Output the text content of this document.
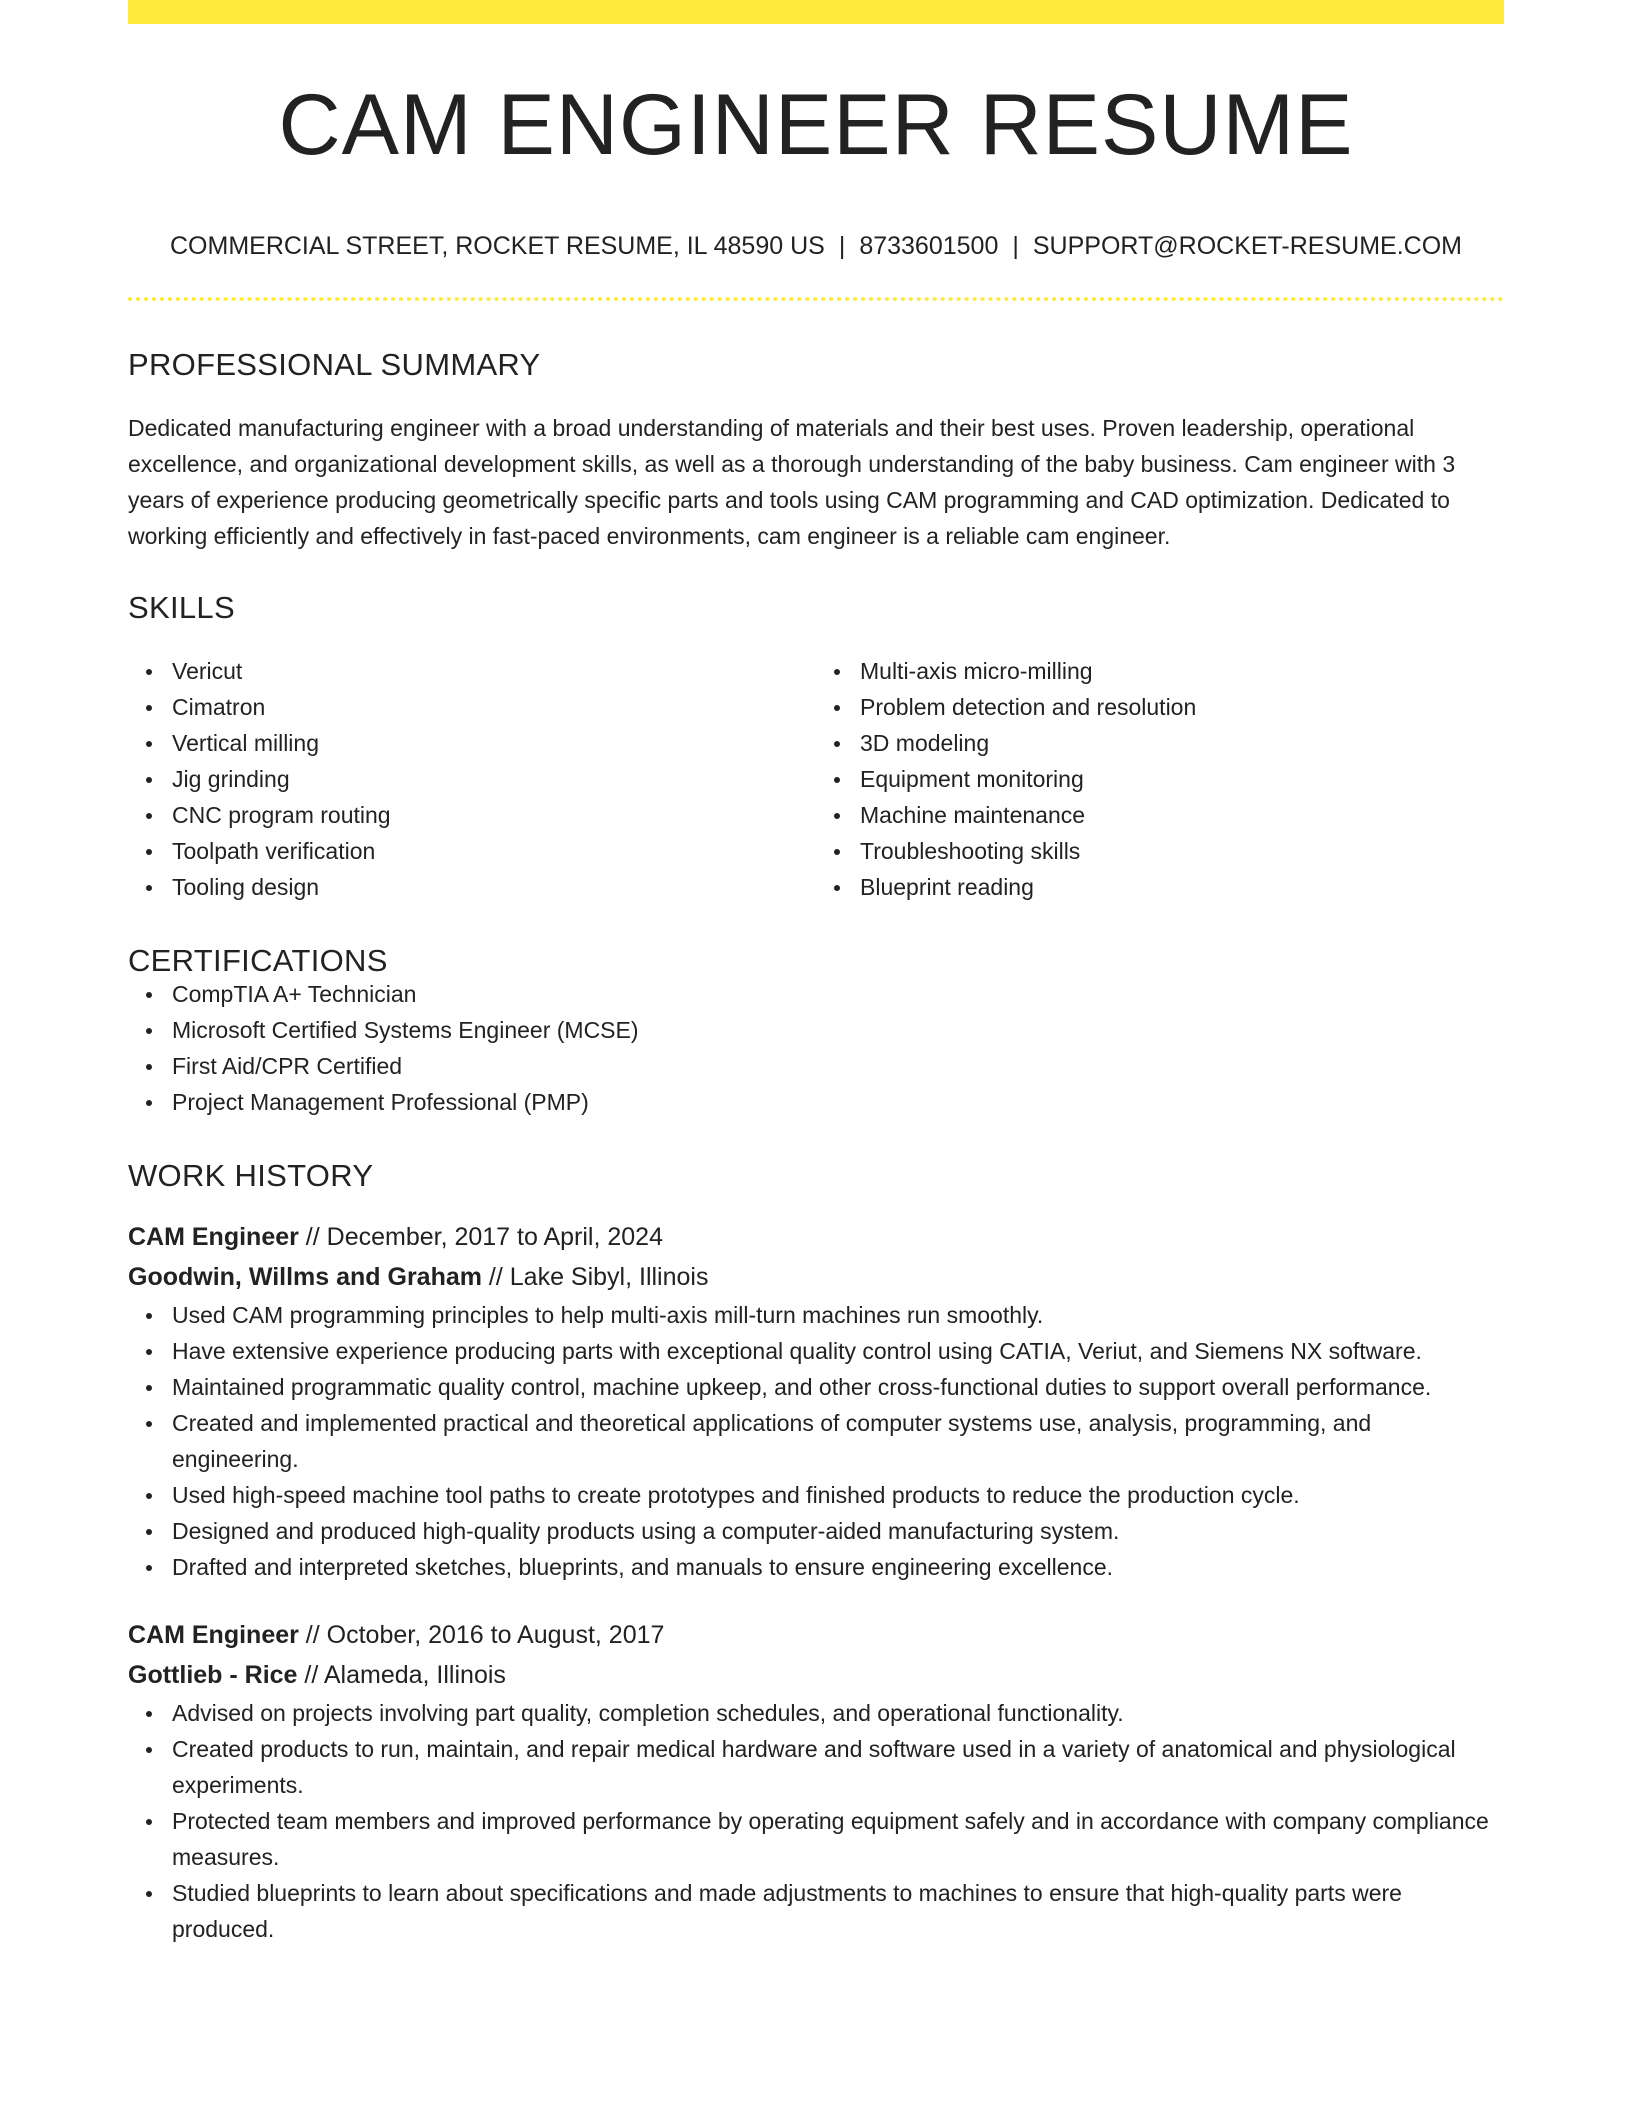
CAM ENGINEER RESUME
COMMERCIAL STREET, ROCKET RESUME, IL 48590 US | 8733601500 | SUPPORT@ROCKET-RESUME.COM
PROFESSIONAL SUMMARY

Dedicated manufacturing engineer with a broad understanding of materials and their best uses. Proven leadership, operational excellence, and organizational development skills, as well as a thorough understanding of the baby business. Cam engineer with 3 years of experience producing geometrically specific parts and tools using CAM programming and CAD optimization. Dedicated to working efficiently and effectively in fast-paced environments, cam engineer is a reliable cam engineer.

SKILLS
Vericut
Cimatron
Vertical milling
Jig grinding
CNC program routing
Toolpath verification
Tooling design
Multi-axis micro-milling
Problem detection and resolution
3D modeling
Equipment monitoring
Machine maintenance
Troubleshooting skills
Blueprint reading
CERTIFICATIONS
CompTIA A+ Technician
Microsoft Certified Systems Engineer (MCSE)
First Aid/CPR Certified
Project Management Professional (PMP)
WORK HISTORY
CAM Engineer // December, 2017 to April, 2024
Goodwin, Willms and Graham // Lake Sibyl, Illinois
Used CAM programming principles to help multi-axis mill-turn machines run smoothly.
Have extensive experience producing parts with exceptional quality control using CATIA, Veriut, and Siemens NX software.
Maintained programmatic quality control, machine upkeep, and other cross-functional duties to support overall performance.
Created and implemented practical and theoretical applications of computer systems use, analysis, programming, and engineering.
Used high-speed machine tool paths to create prototypes and finished products to reduce the production cycle.
Designed and produced high-quality products using a computer-aided manufacturing system.
Drafted and interpreted sketches, blueprints, and manuals to ensure engineering excellence.
CAM Engineer // October, 2016 to August, 2017
Gottlieb - Rice // Alameda, Illinois
Advised on projects involving part quality, completion schedules, and operational functionality.
Created products to run, maintain, and repair medical hardware and software used in a variety of anatomical and physiological experiments.
Protected team members and improved performance by operating equipment safely and in accordance with company compliance measures.
Studied blueprints to learn about specifications and made adjustments to machines to ensure that high-quality parts were produced.
